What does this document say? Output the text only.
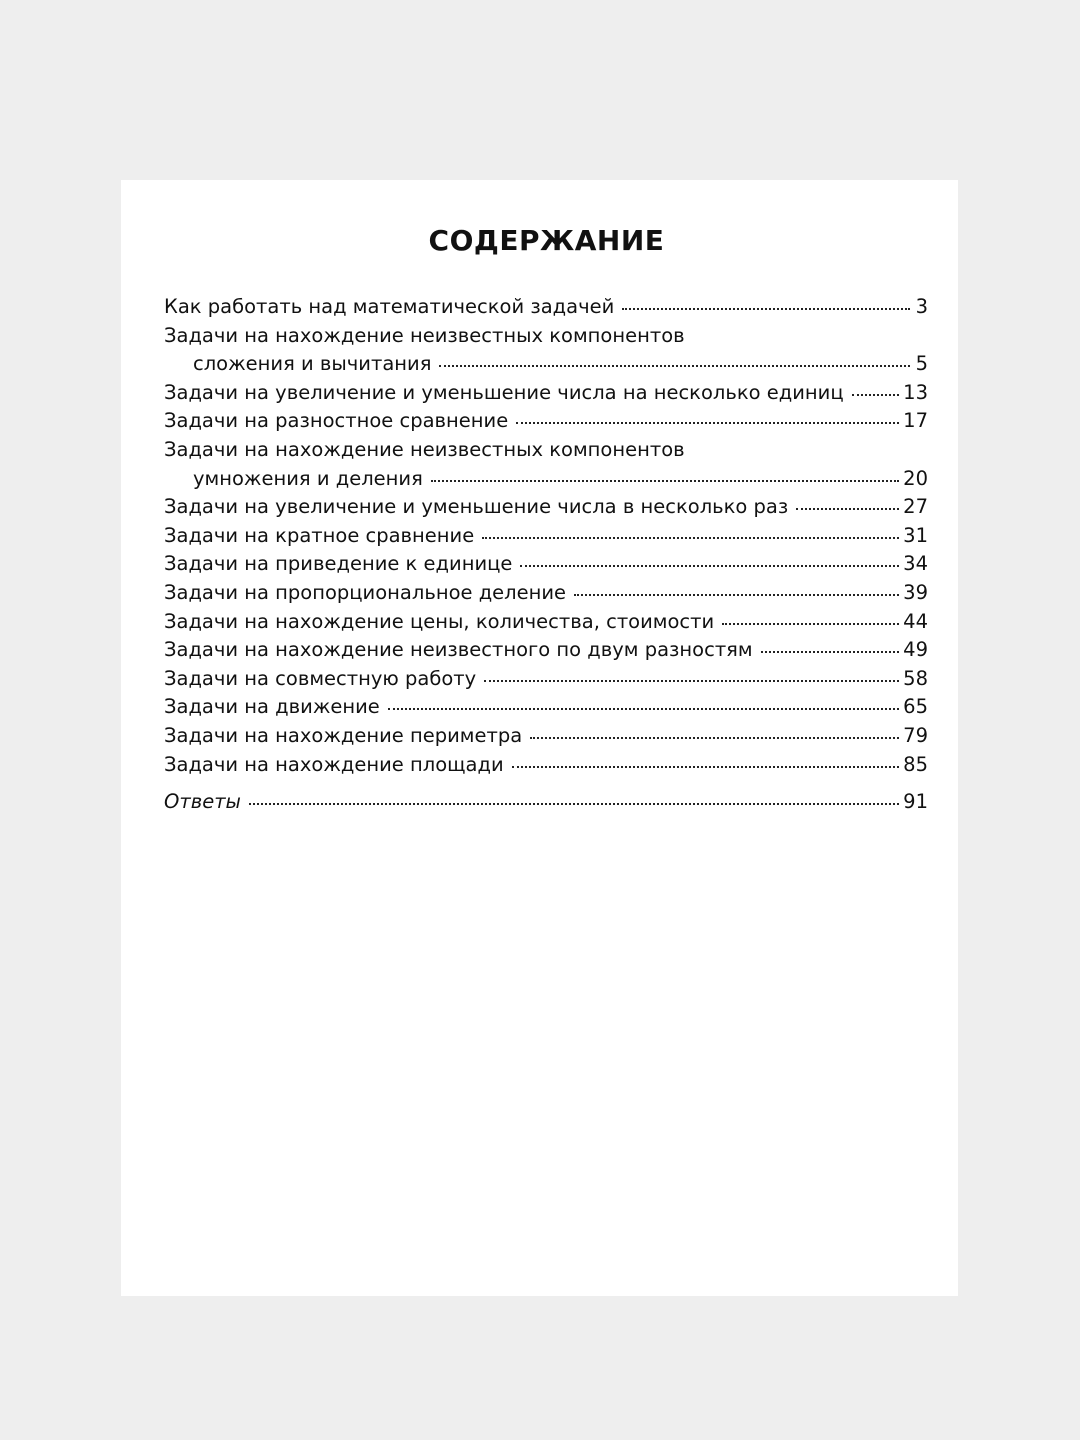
СОДЕРЖАНИЕ
Как работать над математической задачей	3
Задачи на нахождение неизвестных компонентов
сложения и вычитания	5
Задачи на увеличение и уменьшение числа на несколько единиц	13
Задачи на разностное сравнение	17
Задачи на нахождение неизвестных компонентов
умножения и деления	20
Задачи на увеличение и уменьшение числа в несколько раз	27
Задачи на кратное сравнение	31
Задачи на приведение к единице	34
Задачи на пропорциональное деление	39
Задачи на нахождение цены, количества, стоимости	44
Задачи на нахождение неизвестного по двум разностям	49
Задачи на совместную работу	58
Задачи на движение	65
Задачи на нахождение периметра	79
Задачи на нахождение площади	85
Ответы	91
